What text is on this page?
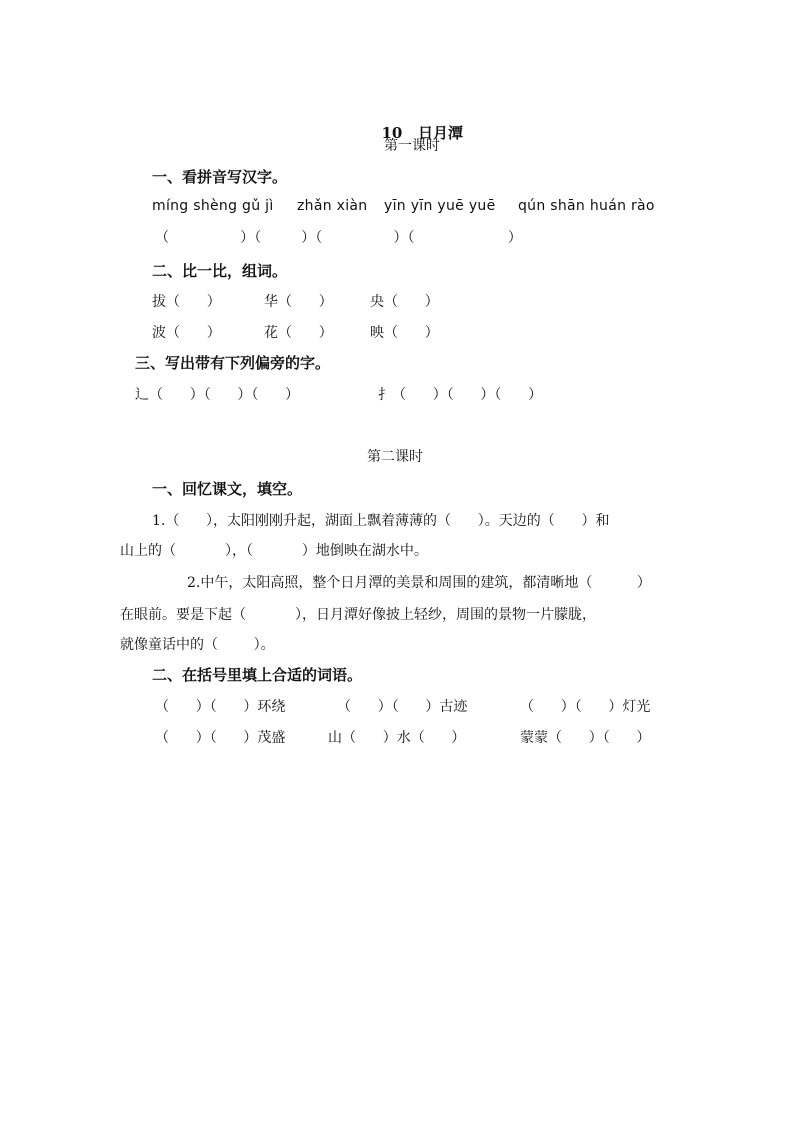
10 日月潭

第一课时
一、看拼音写汉字。
míng shèng gǔ jì zhǎn xiàn yīn yīn yuē yuē qún shān huán rào
（                ）（         ）（                ）（                     ）
二、比一比，组词。
拔（      ）	华（      ）	央（      ）
波（      ）	花（      ）	映（      ）
三、写出带有下列偏旁的字。
辶（      ）（      ）（      ）	扌（      ）（      ）（      ）
第二课时
一、回忆课文，填空。
1.（      ），太阳刚刚升起，湖面上飘着薄薄的（      ）。天边的（      ）和
山上的（           ），（           ）地倒映在湖水中。
2.中午，太阳高照，整个日月潭的美景和周围的建筑，都清晰地（          ）
在眼前。要是下起（           ），日月潭好像披上轻纱，周围的景物一片朦胧，
就像童话中的（        ）。
二、在括号里填上合适的词语。
（      ）（      ）环绕	（      ）（      ）古迹	（      ）（      ）灯光
（      ）（      ）茂盛	山（      ）水（      ）	蒙蒙（      ）（      ）
